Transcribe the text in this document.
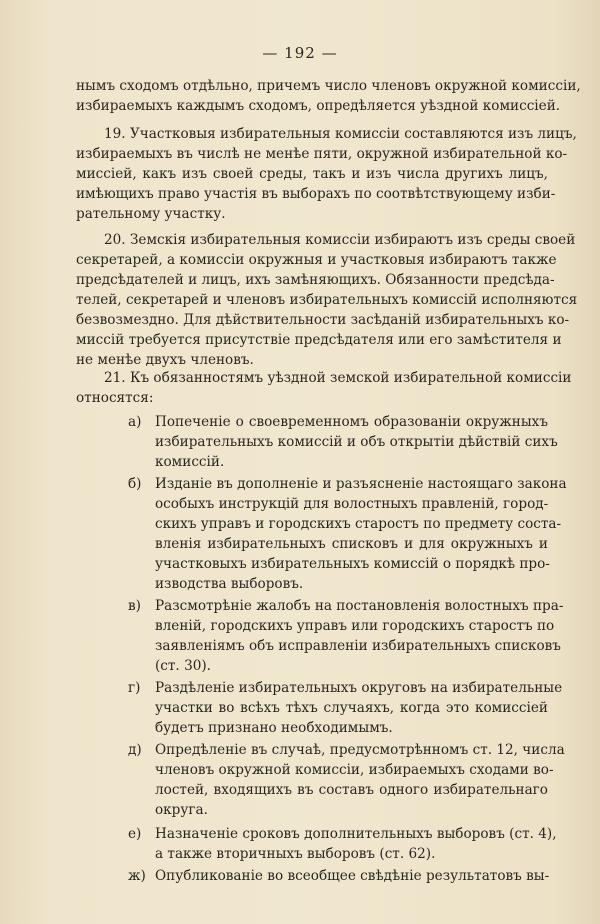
— 192 —
нымъ сходомъ отдѣльно, причемъ число членовъ окружной комиссіи,
избираемыхъ каждымъ сходомъ, опредѣляется уѣздной комиссіей.
19. Участковыя избирательныя комиссіи составляются изъ лицъ,
избираемыхъ въ числѣ не менѣе пяти, окружной избирательной ко-
миссіей, какъ изъ своей среды, такъ и изъ числа другихъ лицъ,
имѣющихъ право участія въ выборахъ по соотвѣтствующему изби-
рательному участку.
20. Земскія избирательныя комиссіи избираютъ изъ среды своей
секретарей, а комиссіи окружныя и участковыя избираютъ также
предсѣдателей и лицъ, ихъ замѣняющихъ. Обязанности предсѣда-
телей, секретарей и членовъ избирательныхъ комиссій исполняются
безвозмездно. Для дѣйствительности засѣданій избирательныхъ ко-
миссій требуется присутствіе предсѣдателя или его замѣстителя и
не менѣе двухъ членовъ.
21. Къ обязанностямъ уѣздной земской избирательной комиссіи
относятся:
а) Попеченіе о своевременномъ образованіи окружныхъ
избирательныхъ комиссій и объ открытіи дѣйствій сихъ
комиссій.
б) Изданіе въ дополненіе и разъясненіе настоящаго закона
особыхъ инструкцій для волостныхъ правленій, город-
скихъ управъ и городскихъ старостъ по предмету соста-
вленія избирательныхъ списковъ и для окружныхъ и
участковыхъ избирательныхъ комиссій о порядкѣ про-
изводства выборовъ.
в)	Разсмотрѣніе жалобъ на постановленія волостныхъ пра-
вленій, городскихъ управъ или городскихъ старостъ по
заявленіямъ объ исправленіи избирательныхъ списковъ
(ст. 30).
г)	Раздѣленіе избирательныхъ округовъ на избирательные
участки во всѣхъ тѣхъ случаяхъ, когда это комиссіей
будетъ признано необходимымъ.
д) Опредѣленіе въ случаѣ, предусмотрѣнномъ ст. 12, числа
членовъ окружной комиссіи, избираемыхъ сходами во-
лостей, входящихъ въ составъ одного избирательнаго
округа.
е)	Назначеніе сроковъ дополнительныхъ выборовъ (ст. 4),
а также вторичныхъ выборовъ (ст. 62).
ж) Опубликованіе во всеобщее свѣдѣніе результатовъ вы-
